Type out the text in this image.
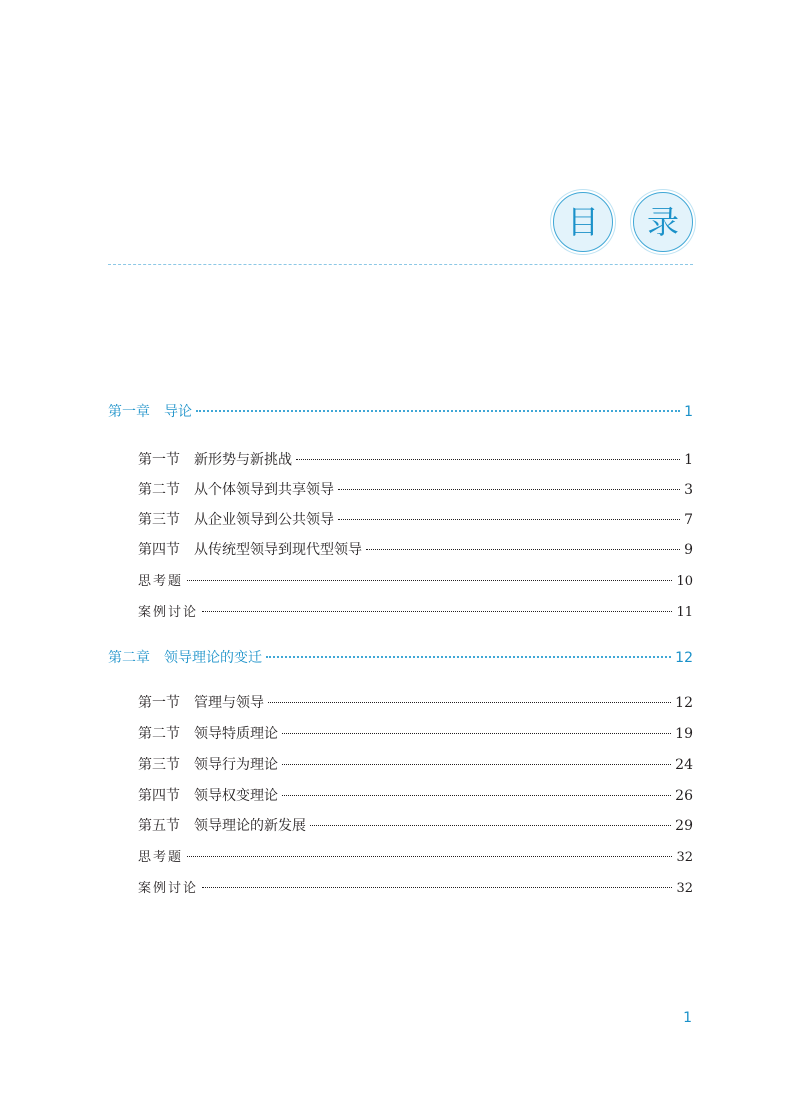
目 录
第一章　导论	1
第一节　新形势与新挑战	1
第二节　从个体领导到共享领导	3
第三节　从企业领导到公共领导	7
第四节　从传统型领导到现代型领导	9
思考题	10
案例讨论	11
第二章　领导理论的变迁	12
第一节　管理与领导	12
第二节　领导特质理论	19
第三节　领导行为理论	24
第四节　领导权变理论	26
第五节　领导理论的新发展	29
思考题	32
案例讨论	32
1
